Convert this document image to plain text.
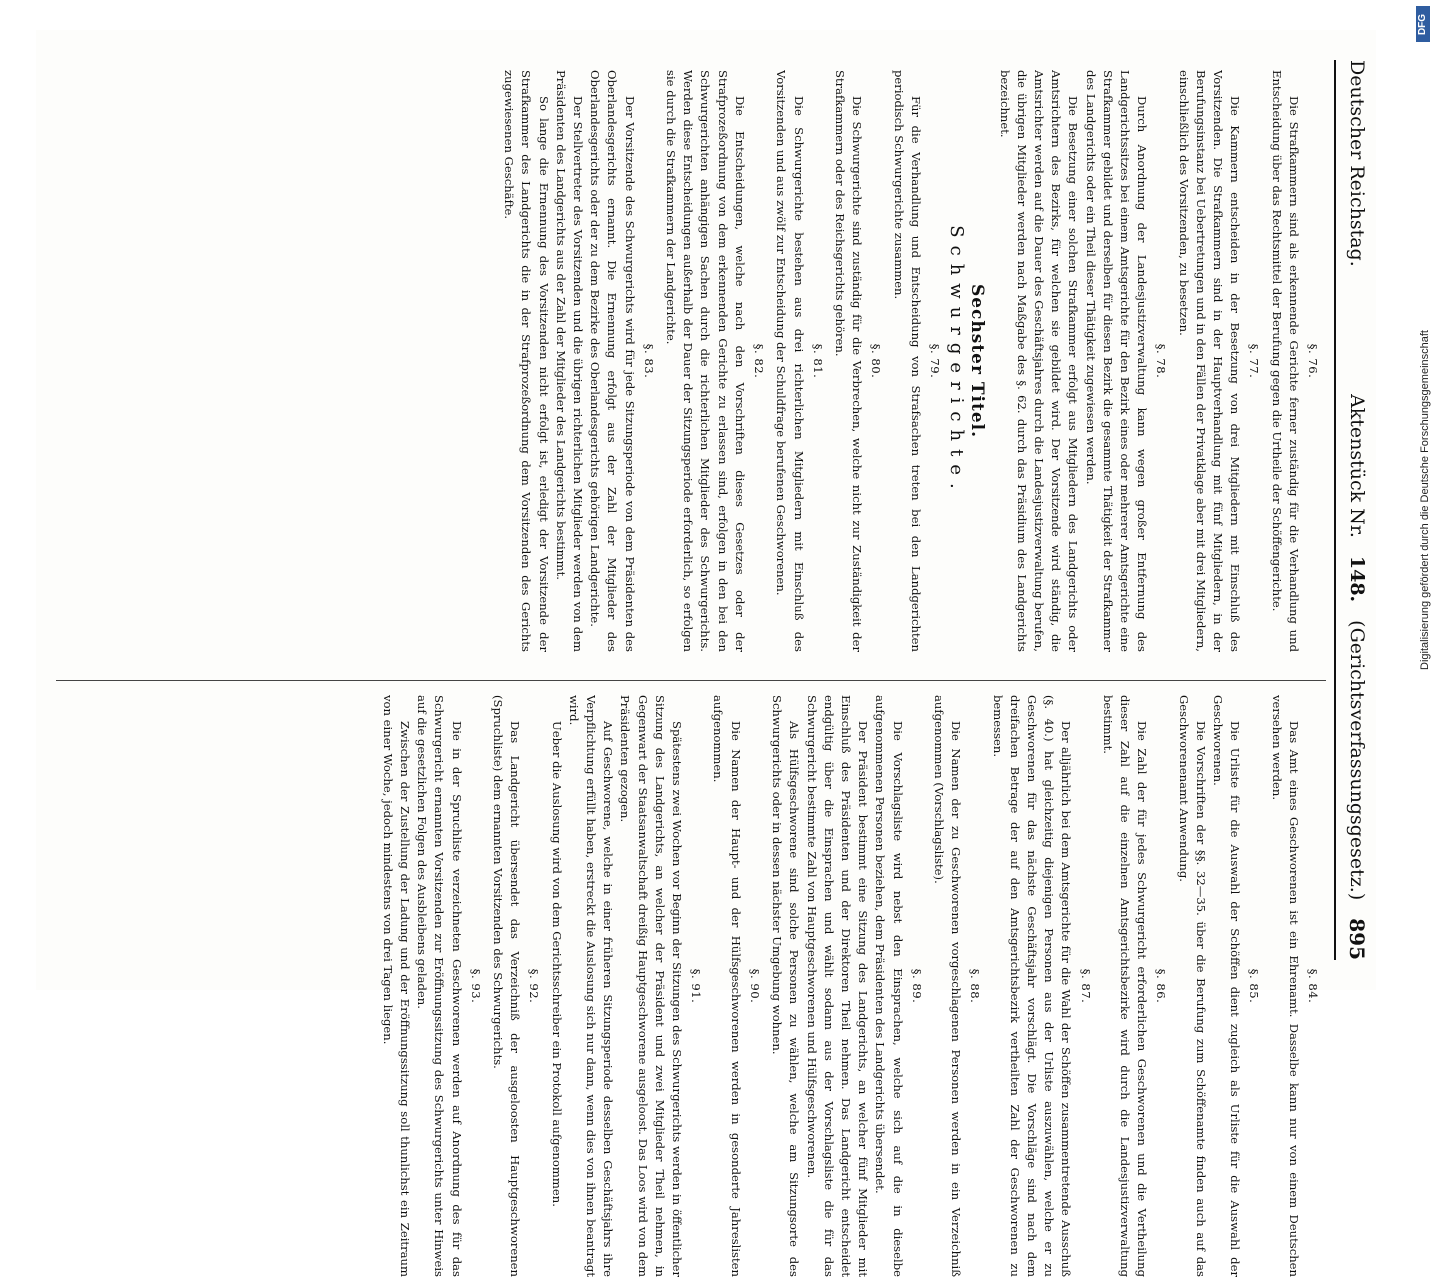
Deutscher Reichstag.
Aktenstück Nr.
148.
(Gerichtsverfassungsgesetz.)
895
§. 76.

Die Strafkammern sind als erkennende Gerichte ferner zuständig für die Verhandlung und Entscheidung über das Rechtsmittel der Berufung gegen die Urtheile der Schöffengerichte.

§. 77.

Die Kammern entscheiden in der Besetzung von drei Mitgliedern mit Einschluß des Vorsitzenden. Die Strafkammern sind in der Hauptverhandlung mit fünf Mitgliedern, in der Berufungsinstanz bei Uebertretungen und in den Fällen der Privatklage aber mit drei Mitgliedern, einschließlich des Vorsitzenden, zu besetzen.

§. 78.

Durch Anordnung der Landesjustizverwaltung kann wegen großer Entfernung des Landgerichtssitzes bei einem Amtsgerichte für den Bezirk eines oder mehrerer Amtsgerichte eine Strafkammer gebildet und derselben für diesen Bezirk die gesammte Thätigkeit der Strafkammer des Landgerichts oder ein Theil dieser Thätigkeit zugewiesen werden.

Die Besetzung einer solchen Strafkammer erfolgt aus Mitgliedern des Landgerichts oder Amtsrichtern des Bezirks, für welchen sie gebildet wird. Der Vorsitzende wird ständig, die Amtsrichter werden auf die Dauer des Geschäftsjahres durch die Landesjustizverwaltung berufen, die übrigen Mitglieder werden nach Maßgabe des §. 62. durch das Präsidium des Landgerichts bezeichnet.

Sechster Titel.
Schwurgerichte.
§. 79.

Für die Verhandlung und Entscheidung von Strafsachen treten bei den Landgerichten periodisch Schwurgerichte zusammen.

§. 80.

Die Schwurgerichte sind zuständig für die Verbrechen, welche nicht zur Zuständigkeit der Strafkammern oder des Reichsgerichts gehören.

§. 81.

Die Schwurgerichte bestehen aus drei richterlichen Mitgliedern mit Einschluß des Vorsitzenden und aus zwölf zur Entscheidung der Schuldfrage berufenen Geschworenen.

§. 82.

Die Entscheidungen, welche nach den Vorschriften dieses Gesetzes oder der Strafprozeßordnung von dem erkennenden Gerichte zu erlassen sind, erfolgen in den bei den Schwurgerichten anhängigen Sachen durch die richterlichen Mitglieder des Schwurgerichts. Werden diese Entscheidungen außerhalb der Dauer der Sitzungsperiode erforderlich, so erfolgen sie durch die Strafkammern der Landgerichte.

§. 83.

Der Vorsitzende des Schwurgerichts wird für jede Sitzungsperiode von dem Präsidenten des Oberlandesgerichts ernannt. Die Ernennung erfolgt aus der Zahl der Mitglieder des Oberlandesgerichts oder der zu dem Bezirke des Oberlandesgerichts gehörigen Landgerichte.

Der Stellvertreter des Vorsitzenden und die übrigen richterlichen Mitglieder werden von dem Präsidenten des Landgerichts aus der Zahl der Mitglieder des Landgerichts bestimmt.

So lange die Ernennung des Vorsitzenden nicht erfolgt ist, erledigt der Vorsitzende der Strafkammer des Landgerichts die in der Strafprozeßordnung dem Vorsitzenden des Gerichts zugewiesenen Geschäfte.

§. 84.

Das Amt eines Geschworenen ist ein Ehrenamt. Dasselbe kann nur von einem Deutschen versehen werden.

§. 85.

Die Urliste für die Auswahl der Schöffen dient zugleich als Urliste für die Auswahl der Geschworenen.

Die Vorschriften der §§. 32—35. über die Berufung zum Schöffenamte finden auch auf das Geschworenenamt Anwendung.

§. 86.

Die Zahl der für jedes Schwurgericht erforderlichen Geschworenen und die Vertheilung dieser Zahl auf die einzelnen Amtsgerichtsbezirke wird durch die Landesjustizverwaltung bestimmt.

§. 87.

Der alljährlich bei dem Amtsgerichte für die Wahl der Schöffen zusammentretende Ausschuß (§. 40.) hat gleichzeitig diejenigen Personen aus der Urliste auszuwählen, welche er zu Geschworenen für das nächste Geschäftsjahr vorschlägt. Die Vorschläge sind nach dem dreifachen Betrage der auf den Amtsgerichtsbezirk vertheilten Zahl der Geschworenen zu bemessen.

§. 88.

Die Namen der zu Geschworenen vorgeschlagenen Personen werden in ein Verzeichniß aufgenommen (Vorschlagsliste).

§. 89.

Die Vorschlagsliste wird nebst den Einsprachen, welche sich auf die in dieselbe aufgenommenen Personen beziehen, dem Präsidenten des Landgerichts übersendet.

Der Präsident bestimmt eine Sitzung des Landgerichts, an welcher fünf Mitglieder mit Einschluß des Präsidenten und der Direktoren Theil nehmen. Das Landgericht entscheidet endgültig über die Einsprachen und wählt sodann aus der Vorschlagsliste die für das Schwurgericht bestimmte Zahl von Hauptgeschworenen und Hülfsgeschworenen.

Als Hülfsgeschworene sind solche Personen zu wählen, welche am Sitzungsorte des Schwurgerichts oder in dessen nächster Umgebung wohnen.

§. 90.

Die Namen der Haupt- und der Hülfsgeschworenen werden in gesonderte Jahreslisten aufgenommen.

§. 91.

Spätestens zwei Wochen vor Beginn der Sitzungen des Schwurgerichts werden in öffentlicher Sitzung des Landgerichts, an welcher der Präsident und zwei Mitglieder Theil nehmen, in Gegenwart der Staatsanwaltschaft dreißig Hauptgeschworene ausgeloost. Das Loos wird von dem Präsidenten gezogen.

Auf Geschworene, welche in einer früheren Sitzungsperiode desselben Geschäftsjahrs ihre Verpflichtung erfüllt haben, erstreckt die Auslosung sich nur dann, wenn dies von ihnen beantragt wird.

Ueber die Auslosung wird von dem Gerichtsschreiber ein Protokoll aufgenommen.

§. 92.

Das Landgericht übersendet das Verzeichniß der ausgeloosten Hauptgeschworenen (Spruchliste) dem ernannten Vorsitzenden des Schwurgerichts.

§. 93.

Die in der Spruchliste verzeichneten Geschworenen werden auf Anordnung des für das Schwurgericht ernannten Vorsitzenden zur Eröffnungssitzung des Schwurgerichts unter Hinweis auf die gesetzlichen Folgen des Ausbleibens geladen.

Zwischen der Zustellung der Ladung und der Eröffnungssitzung soll thunlichst ein Zeitraum von einer Woche, jedoch mindestens von drei Tagen liegen.

DFG
Digitalisierung gefördert durch die Deutsche Forschungsgemeinschaft
